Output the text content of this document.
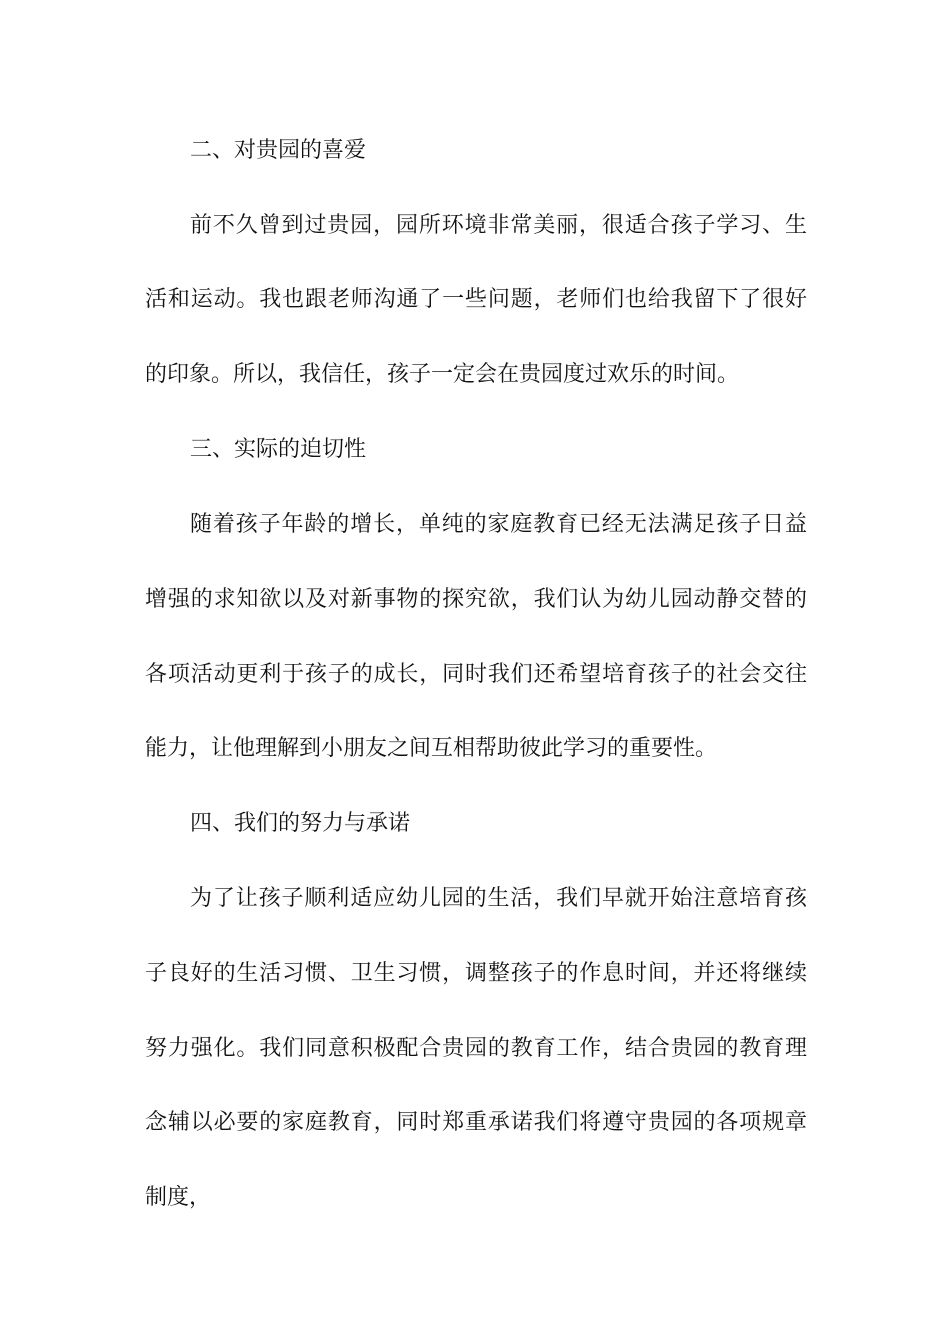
二、对贵园的喜爱
前不久曾到过贵园，园所环境非常美丽，很适合孩子学习、生
活和运动。我也跟老师沟通了一些问题，老师们也给我留下了很好
的印象。所以，我信任，孩子一定会在贵园度过欢乐的时间。
三、实际的迫切性
随着孩子年龄的增长，单纯的家庭教育已经无法满足孩子日益
增强的求知欲以及对新事物的探究欲，我们认为幼儿园动静交替的
各项活动更利于孩子的成长，同时我们还希望培育孩子的社会交往
能力，让他理解到小朋友之间互相帮助彼此学习的重要性。
四、我们的努力与承诺
为了让孩子顺利适应幼儿园的生活，我们早就开始注意培育孩
子良好的生活习惯、卫生习惯，调整孩子的作息时间，并还将继续
努力强化。我们同意积极配合贵园的教育工作，结合贵园的教育理
念辅以必要的家庭教育，同时郑重承诺我们将遵守贵园的各项规章
制度，
